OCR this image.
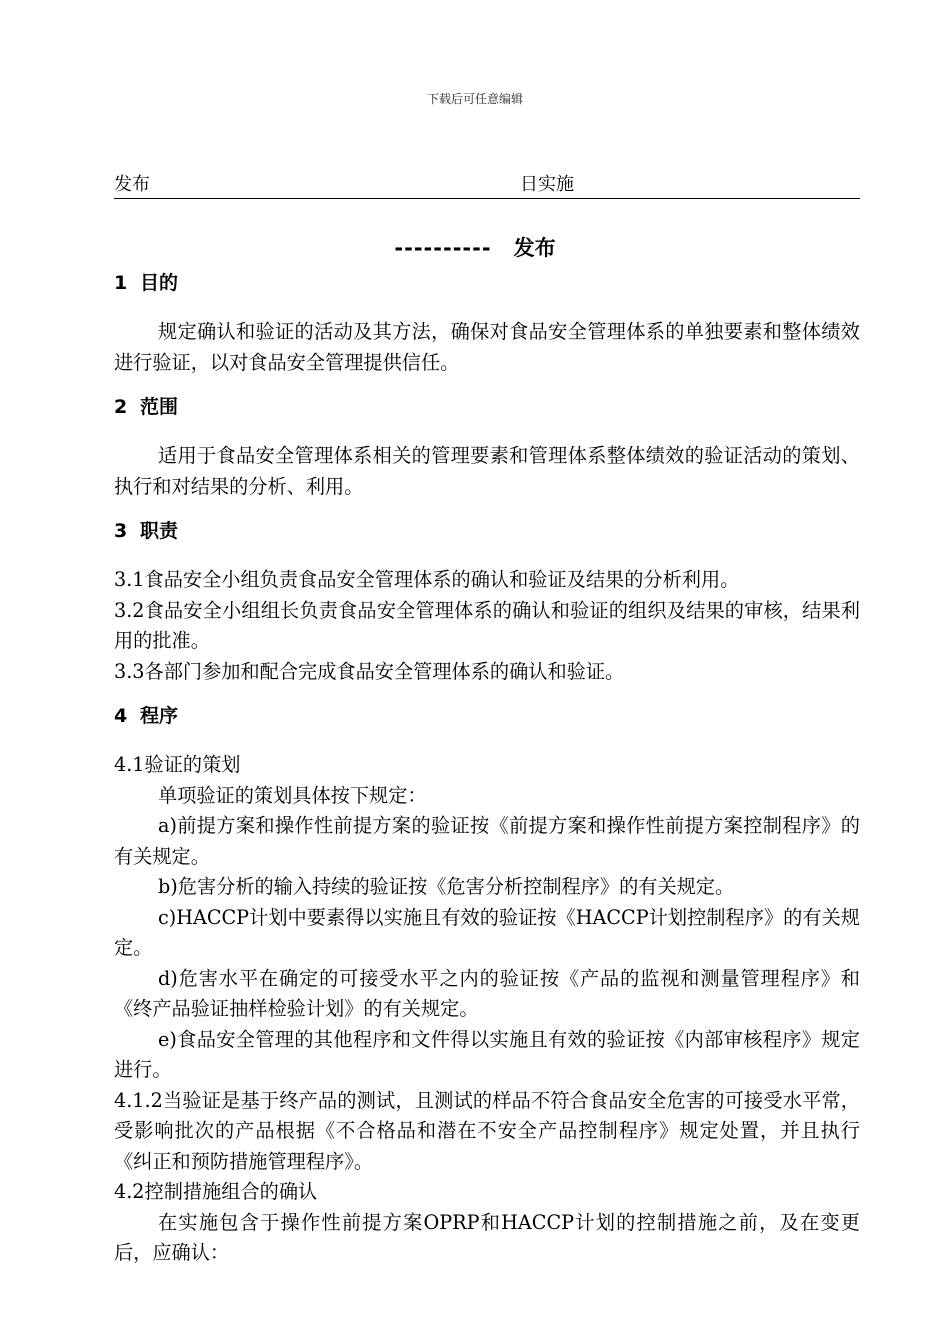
下载后可任意编辑
发布	日实施
---------- 发布
1 目的

规定确认和验证的活动及其方法，确保对食品安全管理体系的单独要素和整体绩效进行验证，以对食品安全管理提供信任。

2 范围

适用于食品安全管理体系相关的管理要素和管理体系整体绩效的验证活动的策划、执行和对结果的分析、利用。

3 职责

3.1食品安全小组负责食品安全管理体系的确认和验证及结果的分析利用。

3.2食品安全小组组长负责食品安全管理体系的确认和验证的组织及结果的审核，结果利用的批准。

3.3各部门参加和配合完成食品安全管理体系的确认和验证。

4 程序

4.1验证的策划

单项验证的策划具体按下规定：

a)前提方案和操作性前提方案的验证按《前提方案和操作性前提方案控制程序》的有关规定。

b)危害分析的输入持续的验证按《危害分析控制程序》的有关规定。

c)HACCP计划中要素得以实施且有效的验证按《HACCP计划控制程序》的有关规定。

d)危害水平在确定的可接受水平之内的验证按《产品的监视和测量管理程序》和《终产品验证抽样检验计划》的有关规定。

e)食品安全管理的其他程序和文件得以实施且有效的验证按《内部审核程序》规定进行。

4.1.2当验证是基于终产品的测试，且测试的样品不符合食品安全危害的可接受水平常，受影响批次的产品根据《不合格品和潜在不安全产品控制程序》规定处置，并且执行《纠正和预防措施管理程序》。

4.2控制措施组合的确认

在实施包含于操作性前提方案OPRP和HACCP计划的控制措施之前，及在变更后，应确认：
